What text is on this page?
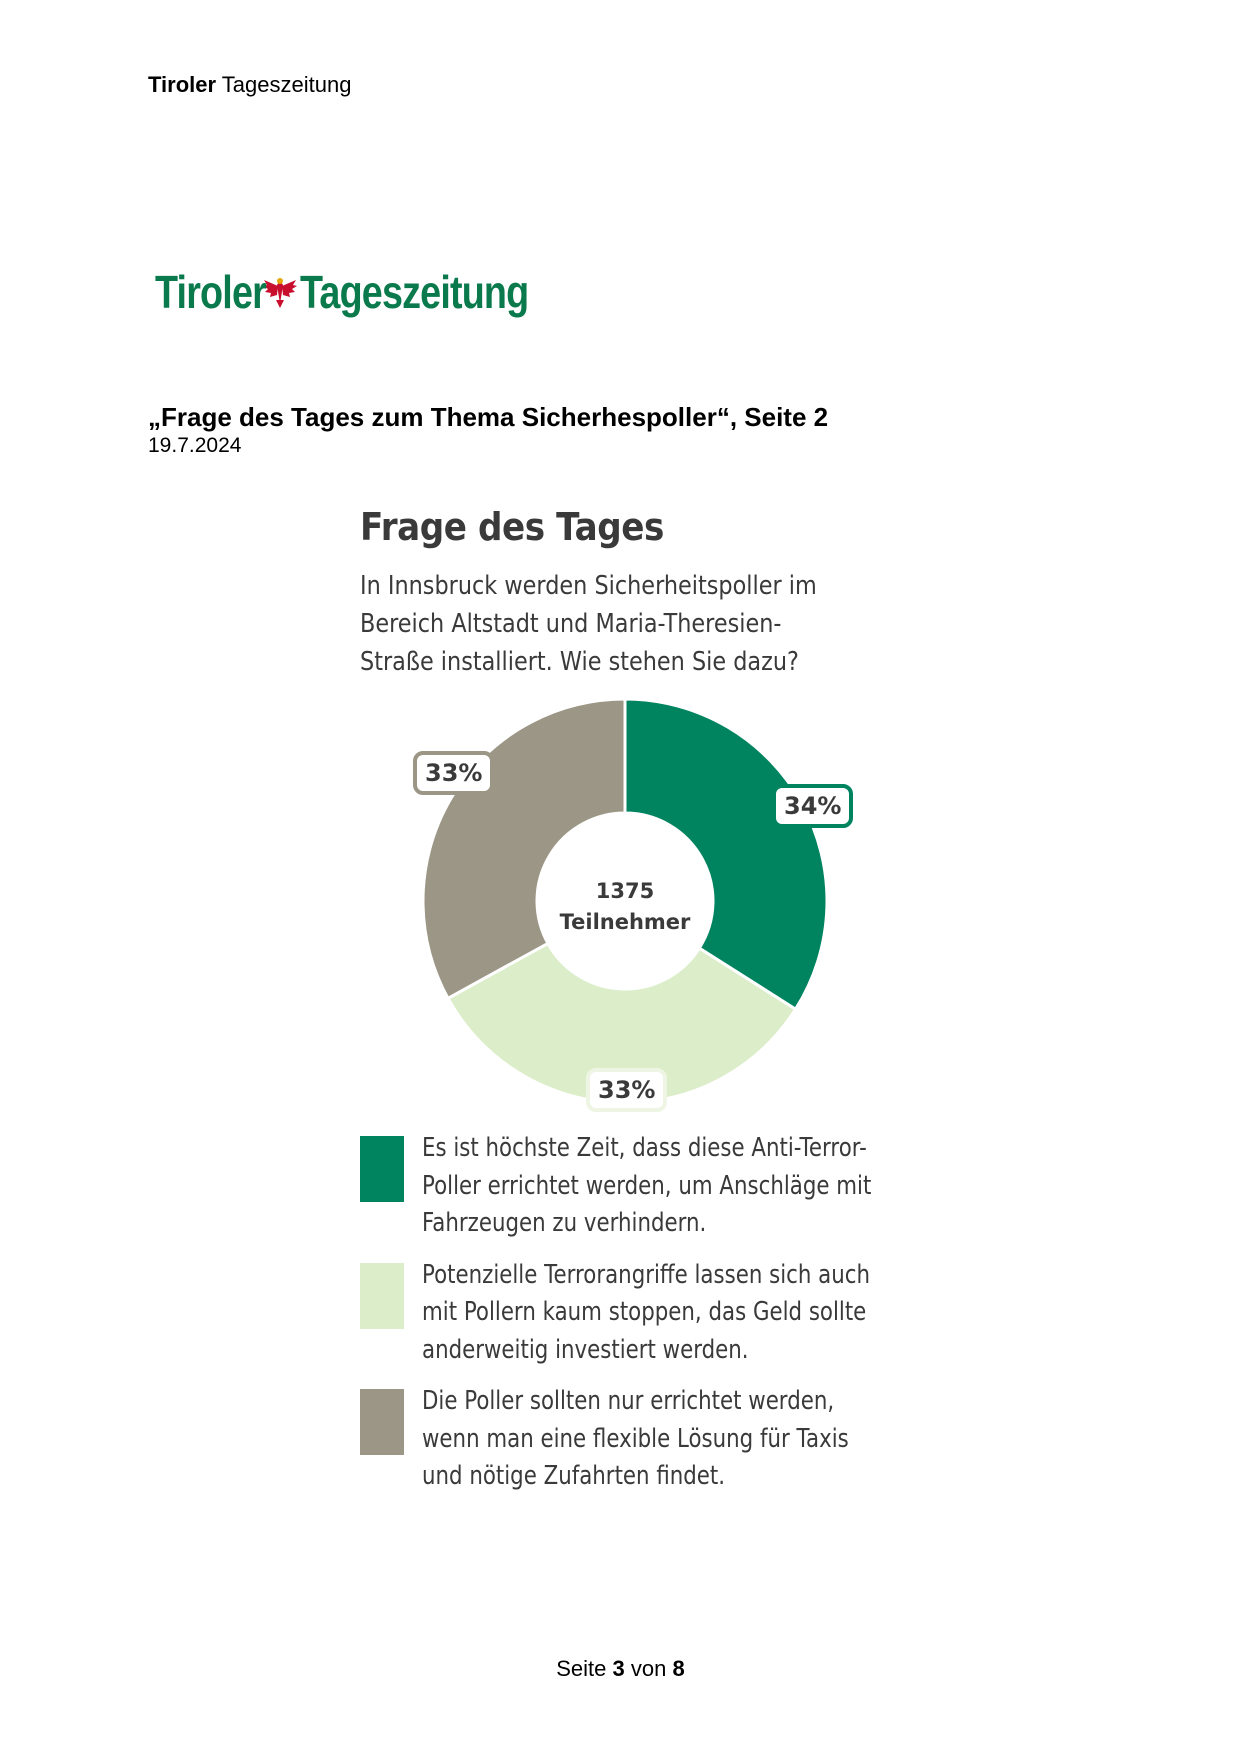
Tiroler Tageszeitung
Tiroler Tageszeitung
„Frage des Tages zum Thema Sicherhespoller“, Seite 2
19.7.2024
Frage des Tages
In Innsbruck werden Sicherheitspoller im Bereich Altstadt und Maria-Theresien-Straße installiert. Wie stehen Sie dazu?
1375
Teilnehmer
34%
33%
33%
Es ist höchste Zeit, dass diese Anti-Terror-Poller errichtet werden, um Anschläge mit Fahrzeugen zu verhindern.
Potenzielle Terrorangriffe lassen sich auch mit Pollern kaum stoppen, das Geld sollte anderweitig investiert werden.
Die Poller sollten nur errichtet werden, wenn man eine flexible Lösung für Taxis und nötige Zufahrten findet.
Seite 3 von 8
